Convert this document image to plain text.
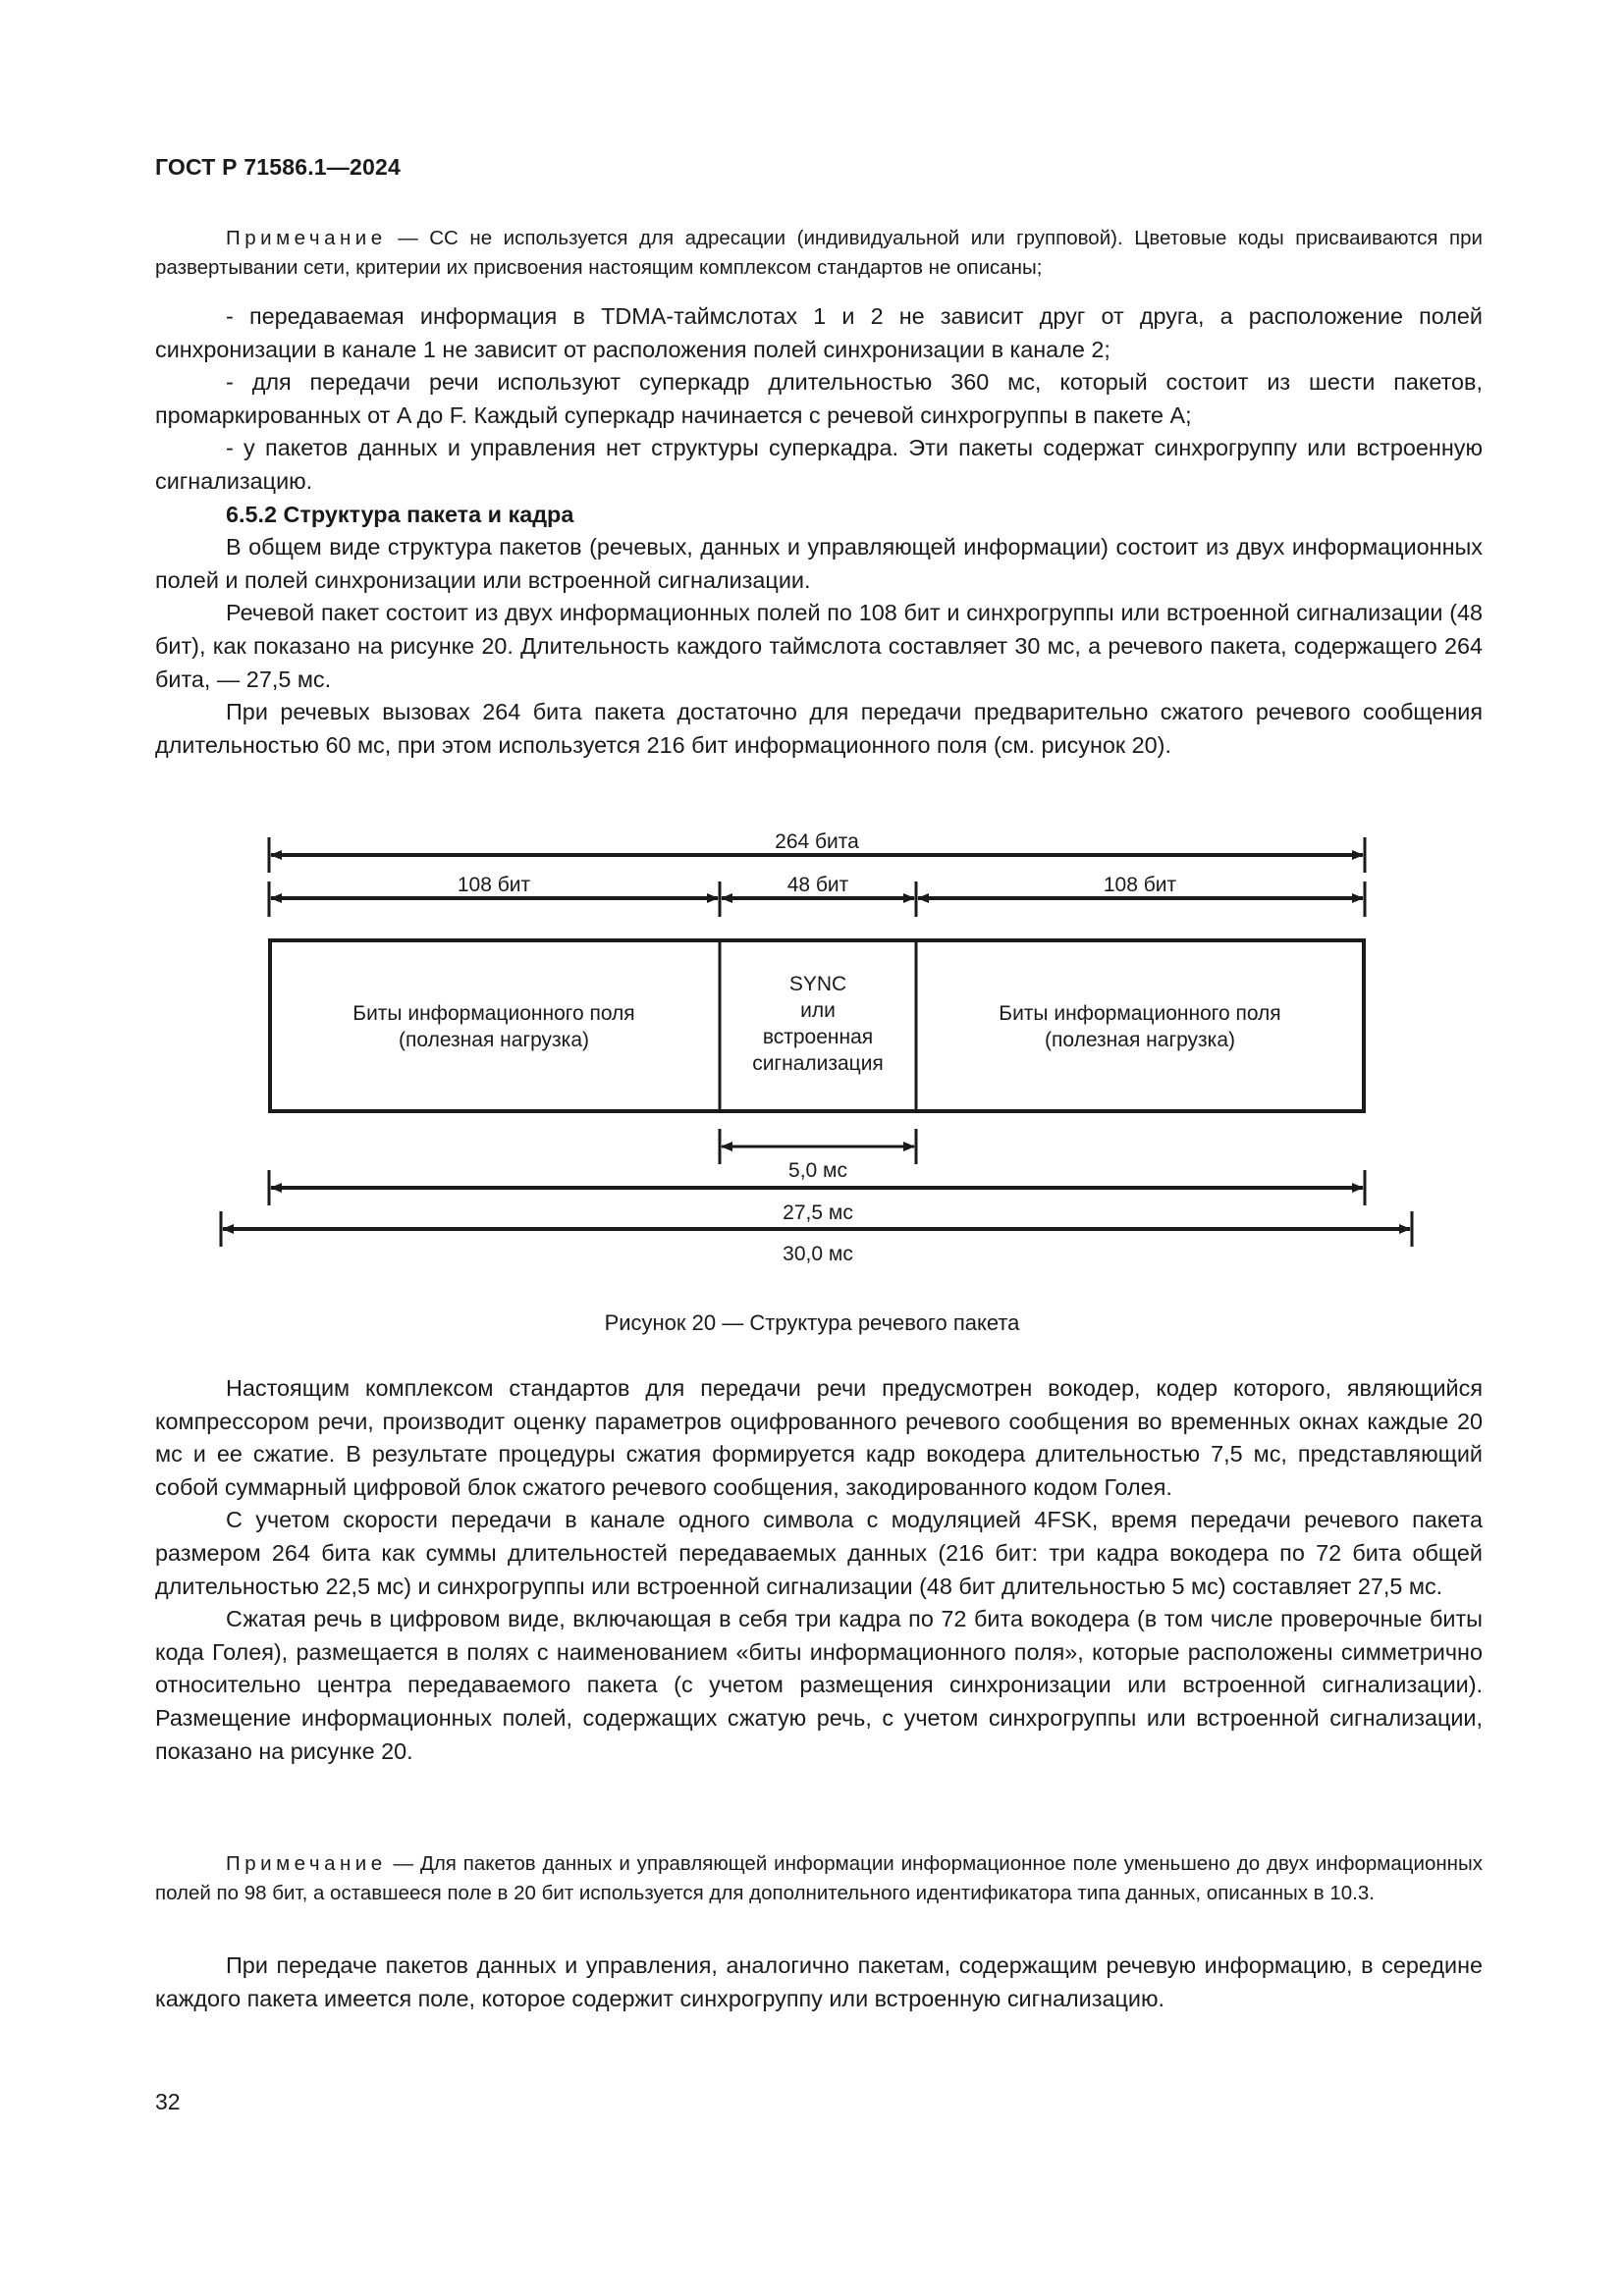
ГОСТ Р 71586.1—2024

Примечание — CC не используется для адресации (индивидуальной или групповой). Цветовые коды присваиваются при развертывании сети, критерии их присвоения настоящим комплексом стандартов не описаны;

- передаваемая информация в TDMA-таймслотах 1 и 2 не зависит друг от друга, а расположение полей синхронизации в канале 1 не зависит от расположения полей синхронизации в канале 2;

- для передачи речи используют суперкадр длительностью 360 мс, который состоит из шести пакетов, промаркированных от A до F. Каждый суперкадр начинается с речевой синхрогруппы в пакете A;

- у пакетов данных и управления нет структуры суперкадра. Эти пакеты содержат синхрогруппу или встроенную сигнализацию.

6.5.2 Структура пакета и кадра

В общем виде структура пакетов (речевых, данных и управляющей информации) состоит из двух информационных полей и полей синхронизации или встроенной сигнализации.

Речевой пакет состоит из двух информационных полей по 108 бит и синхрогруппы или встроенной сигнализации (48 бит), как показано на рисунке 20. Длительность каждого таймслота составляет 30 мс, а речевого пакета, содержащего 264 бита, — 27,5 мс.

При речевых вызовах 264 бита пакета достаточно для передачи предварительно сжатого речевого сообщения длительностью 60 мс, при этом используется 216 бит информационного поля (см. рисунок 20).

264 бита
108 бит	48 бит	108 бит
Биты информационного поля
(полезная нагрузка)
SYNC
или
встроенная
сигнализация
Биты информационного поля
(полезная нагрузка)
5,0 мс
27,5 мс
30,0 мс
Рисунок 20 — Структура речевого пакета

Настоящим комплексом стандартов для передачи речи предусмотрен вокодер, кодер которого, являющийся компрессором речи, производит оценку параметров оцифрованного речевого сообщения во временных окнах каждые 20 мс и ее сжатие. В результате процедуры сжатия формируется кадр вокодера длительностью 7,5 мс, представляющий собой суммарный цифровой блок сжатого речевого сообщения, закодированного кодом Голея.

С учетом скорости передачи в канале одного символа с модуляцией 4FSK, время передачи речевого пакета размером 264 бита как суммы длительностей передаваемых данных (216 бит: три кадра вокодера по 72 бита общей длительностью 22,5 мс) и синхрогруппы или встроенной сигнализации (48 бит длительностью 5 мс) составляет 27,5 мс.

Сжатая речь в цифровом виде, включающая в себя три кадра по 72 бита вокодера (в том числе проверочные биты кода Голея), размещается в полях с наименованием «биты информационного поля», которые расположены симметрично относительно центра передаваемого пакета (с учетом размещения синхронизации или встроенной сигнализации). Размещение информационных полей, содержащих сжатую речь, с учетом синхрогруппы или встроенной сигнализации, показано на рисунке 20.

Примечание — Для пакетов данных и управляющей информации информационное поле уменьшено до двух информационных полей по 98 бит, а оставшееся поле в 20 бит используется для дополнительного идентификатора типа данных, описанных в 10.3.

При передаче пакетов данных и управления, аналогично пакетам, содержащим речевую информацию, в середине каждого пакета имеется поле, которое содержит синхрогруппу или встроенную сигнализацию.

32
